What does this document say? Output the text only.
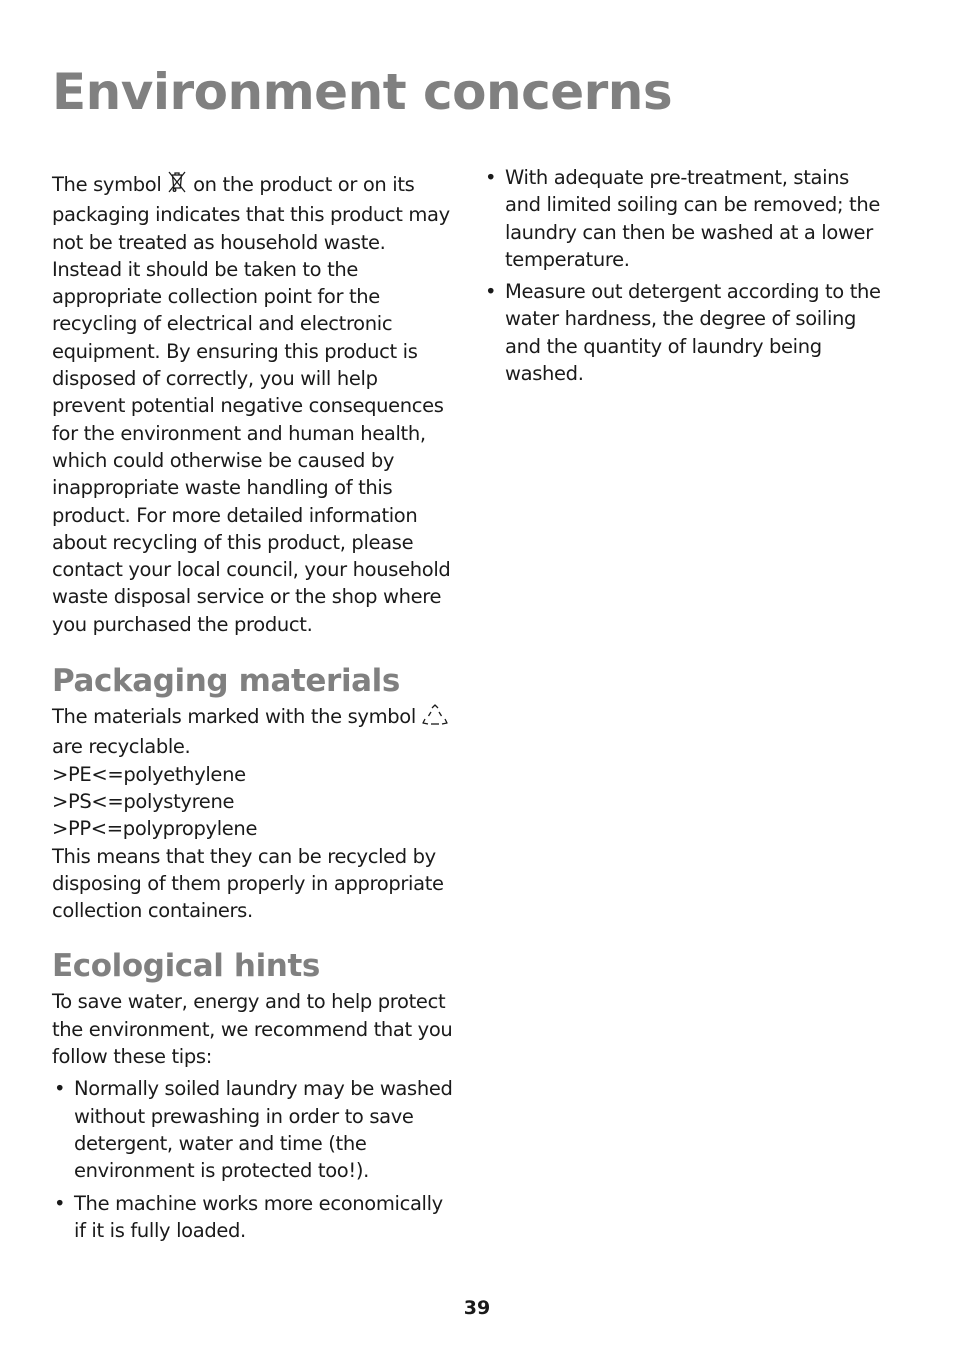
Environment concerns

The symbol  on the product or on its packaging indicates that this product may not be treated as household waste. Instead it should be taken to the appropriate collection point for the recycling of electrical and electronic equipment. By ensuring this product is disposed of correctly, you will help prevent potential negative consequences for the environment and human health, which could otherwise be caused by inappropriate waste handling of this product. For more detailed information about recycling of this product, please contact your local council, your household waste disposal service or the shop where you purchased the product.

Packaging materials

The materials marked with the symbol
are recyclable.
>PE<=polyethylene
>PS<=polystyrene
>PP<=polypropylene
This means that they can be recycled by disposing of them properly in appropriate collection containers.

Ecological hints

To save water, energy and to help protect the environment, we recommend that you follow these tips:

• Normally soiled laundry may be washed without prewashing in order to save detergent, water and time (the environment is protected too!).
• The machine works more economically if it is fully loaded.
• With adequate pre-treatment, stains and limited soiling can be removed; the laundry can then be washed at a lower temperature.
• Measure out detergent according to the water hardness, the degree of soiling and the quantity of laundry being washed.
39
